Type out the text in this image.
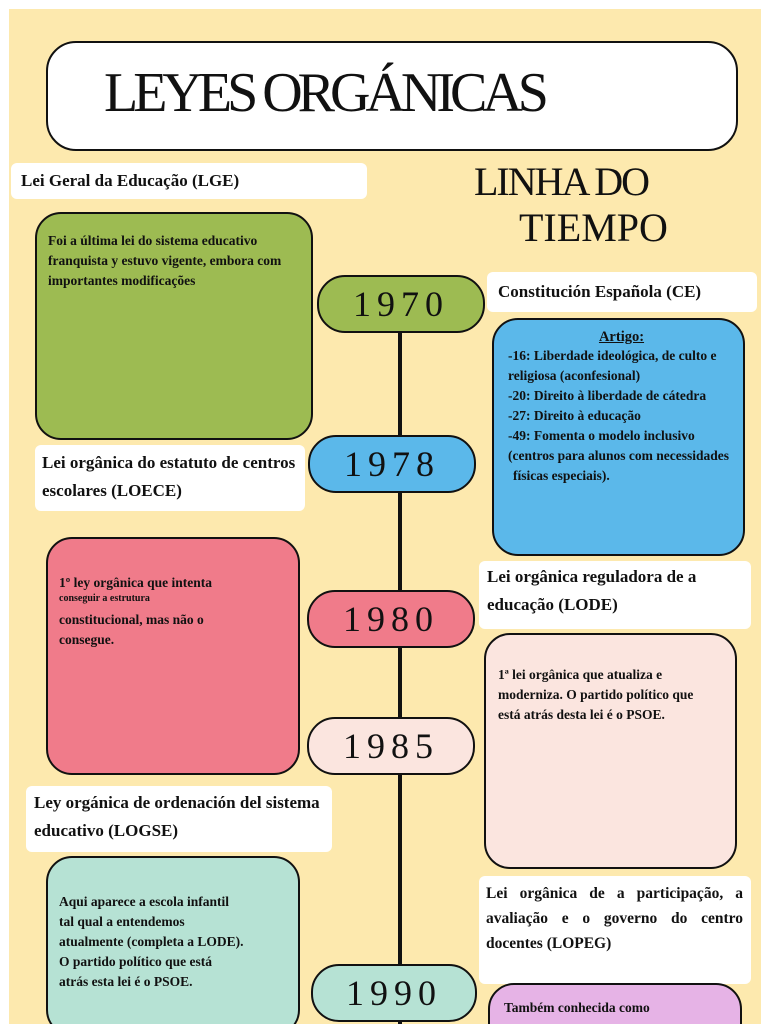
LEYES ORGÁNICAS
LINHA DO
TIEMPO
Lei Geral da Educação (LGE)
Foi a última lei do sistema educativo franquista y estuvo vigente, embora com importantes modificações
Constitución Española (CE)
Artigo:
-16: Liberdade ideológica, de culto e religiosa (aconfesional)
-20: Direito à liberdade de cátedra
-27: Direito à educação
-49: Fomenta o modelo inclusivo (centros para alunos com necessidades
físicas especiais).
Lei orgânica do estatuto de centros escolares (LOECE)
1º ley orgânica que intenta
conseguir a estrutura
constitucional, mas não o consegue.
Lei orgânica reguladora de a educação (LODE)
1ª lei orgânica que atualiza e moderniza. O partido político que está atrás desta lei é o PSOE.
Ley orgánica de ordenación del sistema educativo (LOGSE)
Aqui aparece a escola infantil tal qual a entendemos atualmente (completa a LODE). O partido político que está atrás esta lei é o PSOE.
Lei orgânica de a participação, a avaliação e o governo do centro docentes (LOPEG)
Também conhecida como
1970
1978
1980
1985
1990
